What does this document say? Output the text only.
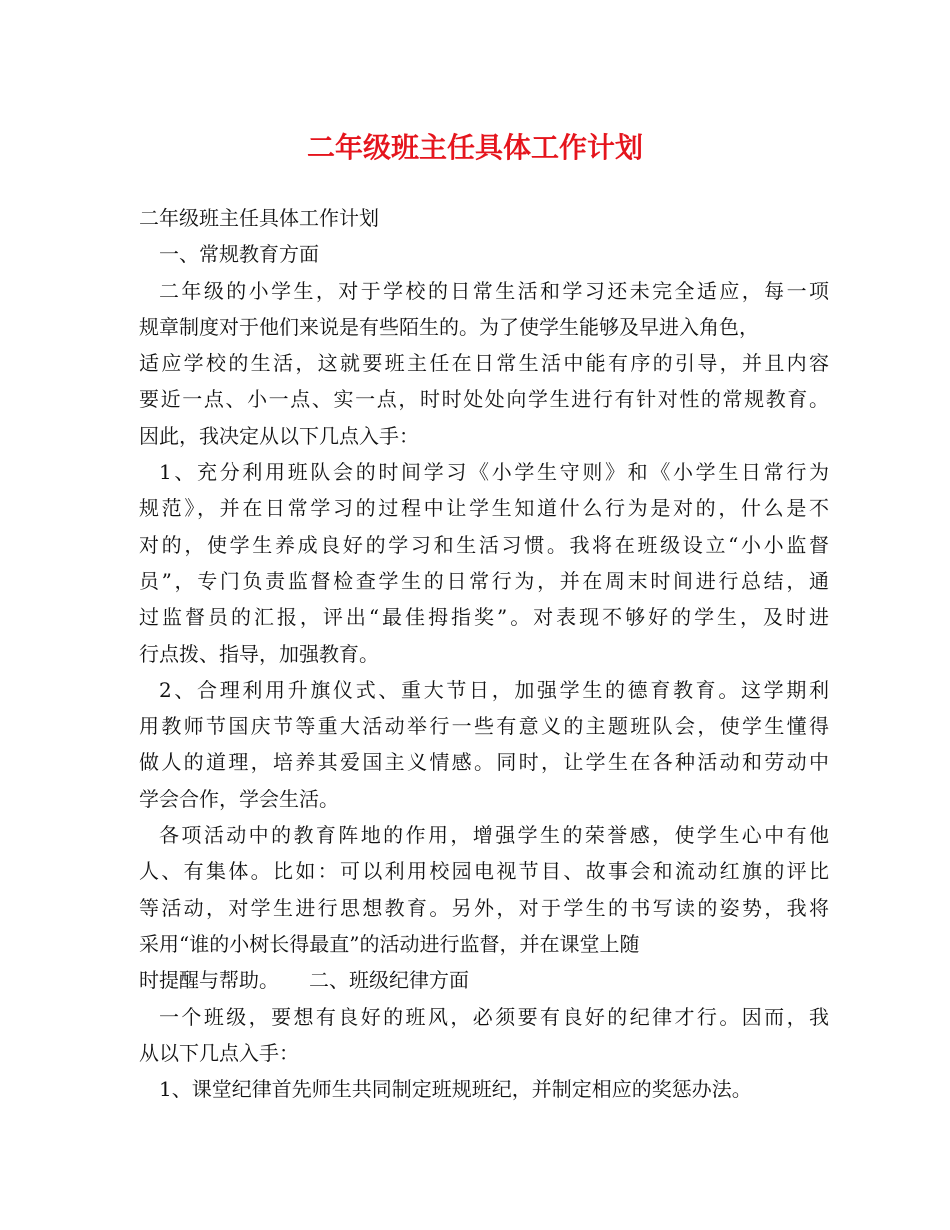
二年级班主任具体工作计划
二年级班主任具体工作计划
一、常规教育方面
二年级的小学生，对于学校的日常生活和学习还未完全适应，每一项
规章制度对于他们来说是有些陌生的。为了使学生能够及早进入角色，
适应学校的生活，这就要班主任在日常生活中能有序的引导，并且内容
要近一点、小一点、实一点，时时处处向学生进行有针对性的常规教育。
因此，我决定从以下几点入手：
1、充分利用班队会的时间学习《小学生守则》和《小学生日常行为
规范》，并在日常学习的过程中让学生知道什么行为是对的，什么是不
对的，使学生养成良好的学习和生活习惯。我将在班级设立“小小监督
员”，专门负责监督检查学生的日常行为，并在周末时间进行总结，通
过监督员的汇报，评出“最佳拇指奖”。对表现不够好的学生，及时进
行点拨、指导，加强教育。
2、合理利用升旗仪式、重大节日，加强学生的德育教育。这学期利
用教师节国庆节等重大活动举行一些有意义的主题班队会，使学生懂得
做人的道理，培养其爱国主义情感。同时，让学生在各种活动和劳动中
学会合作，学会生活。
各项活动中的教育阵地的作用，增强学生的荣誉感，使学生心中有他
人、有集体。比如：可以利用校园电视节目、故事会和流动红旗的评比
等活动，对学生进行思想教育。另外，对于学生的书写读的姿势，我将
采用“谁的小树长得最直”的活动进行监督，并在课堂上随
时提醒与帮助。　　二、班级纪律方面
一个班级，要想有良好的班风，必须要有良好的纪律才行。因而，我
从以下几点入手：
1、课堂纪律首先师生共同制定班规班纪，并制定相应的奖惩办法。
